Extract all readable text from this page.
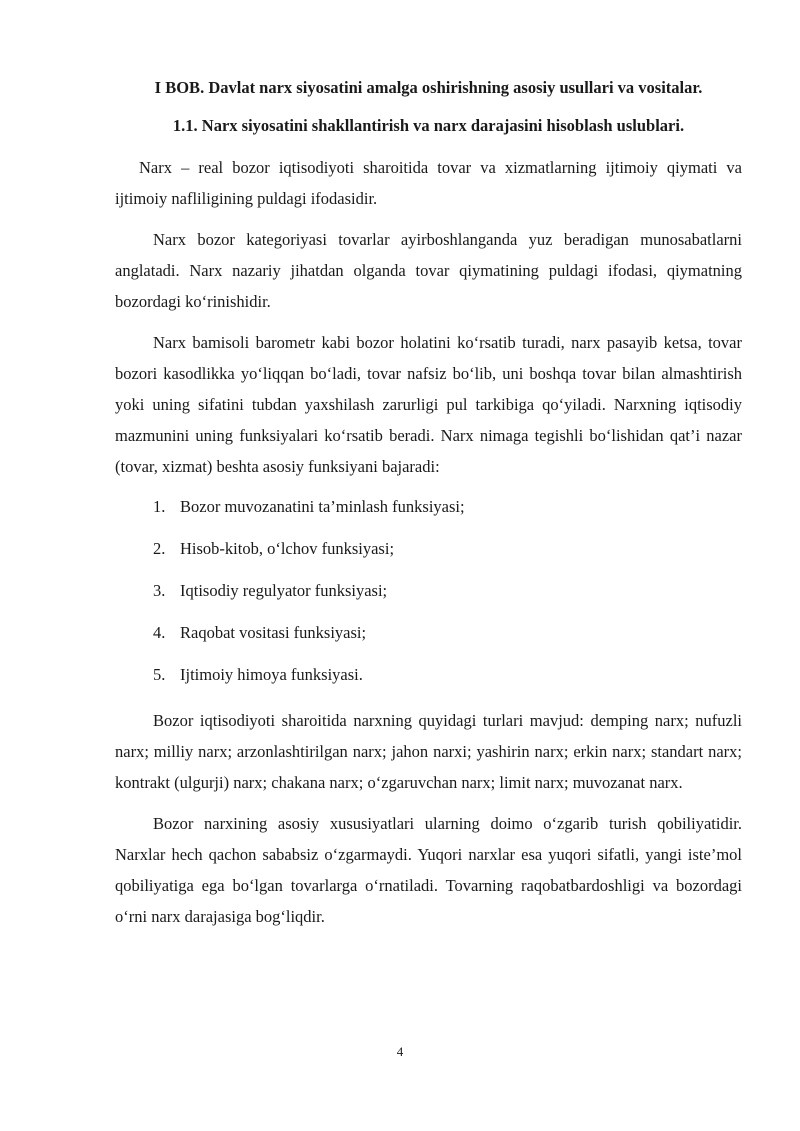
I BOB. Davlat narx siyosatini amalga oshirishning asosiy usullari va vositalar.
1.1. Narx siyosatini shakllantirish va narx darajasini hisoblash uslublari.

Narx – real bozor iqtisodiyoti sharoitida tovar va xizmatlarning ijtimoiy qiymati va ijtimoiy nafliligining puldagi ifodasidir.

Narx bozor kategoriyasi tovarlar ayirboshlanganda yuz beradigan munosabatlarni anglatadi. Narx nazariy jihatdan olganda tovar qiymatining puldagi ifodasi, qiymatning bozordagi ko‘rinishidir.

Narx bamisoli barometr kabi bozor holatini ko‘rsatib turadi, narx pasayib ketsa, tovar bozori kasodlikka yo‘liqqan bo‘ladi, tovar nafsiz bo‘lib, uni boshqa tovar bilan almashtirish yoki uning sifatini tubdan yaxshilash zarurligi pul tarkibiga qo‘yiladi. Narxning iqtisodiy mazmunini uning funksiyalari ko‘rsatib beradi. Narx nimaga tegishli bo‘lishidan qat’i nazar (tovar, xizmat) beshta asosiy funksiyani bajaradi:

1. Bozor muvozanatini ta’minlash funksiyasi;
2. Hisob-kitob, o‘lchov funksiyasi;
3. Iqtisodiy regulyator funksiyasi;
4. Raqobat vositasi funksiyasi;
5. Ijtimoiy himoya funksiyasi.

Bozor iqtisodiyoti sharoitida narxning quyidagi turlari mavjud: demping narx; nufuzli narx; milliy narx; arzonlashtirilgan narx; jahon narxi; yashirin narx; erkin narx; standart narx; kontrakt (ulgurji) narx; chakana narx; o‘zgaruvchan narx; limit narx; muvozanat narx.

Bozor narxining asosiy xususiyatlari ularning doimo o‘zgarib turish qobiliyatidir. Narxlar hech qachon sababsiz o‘zgarmaydi. Yuqori narxlar esa yuqori sifatli, yangi iste’mol qobiliyatiga ega bo‘lgan tovarlarga o‘rnatiladi. Tovarning raqobatbardoshligi va bozordagi o‘rni narx darajasiga bog‘liqdir.

4
